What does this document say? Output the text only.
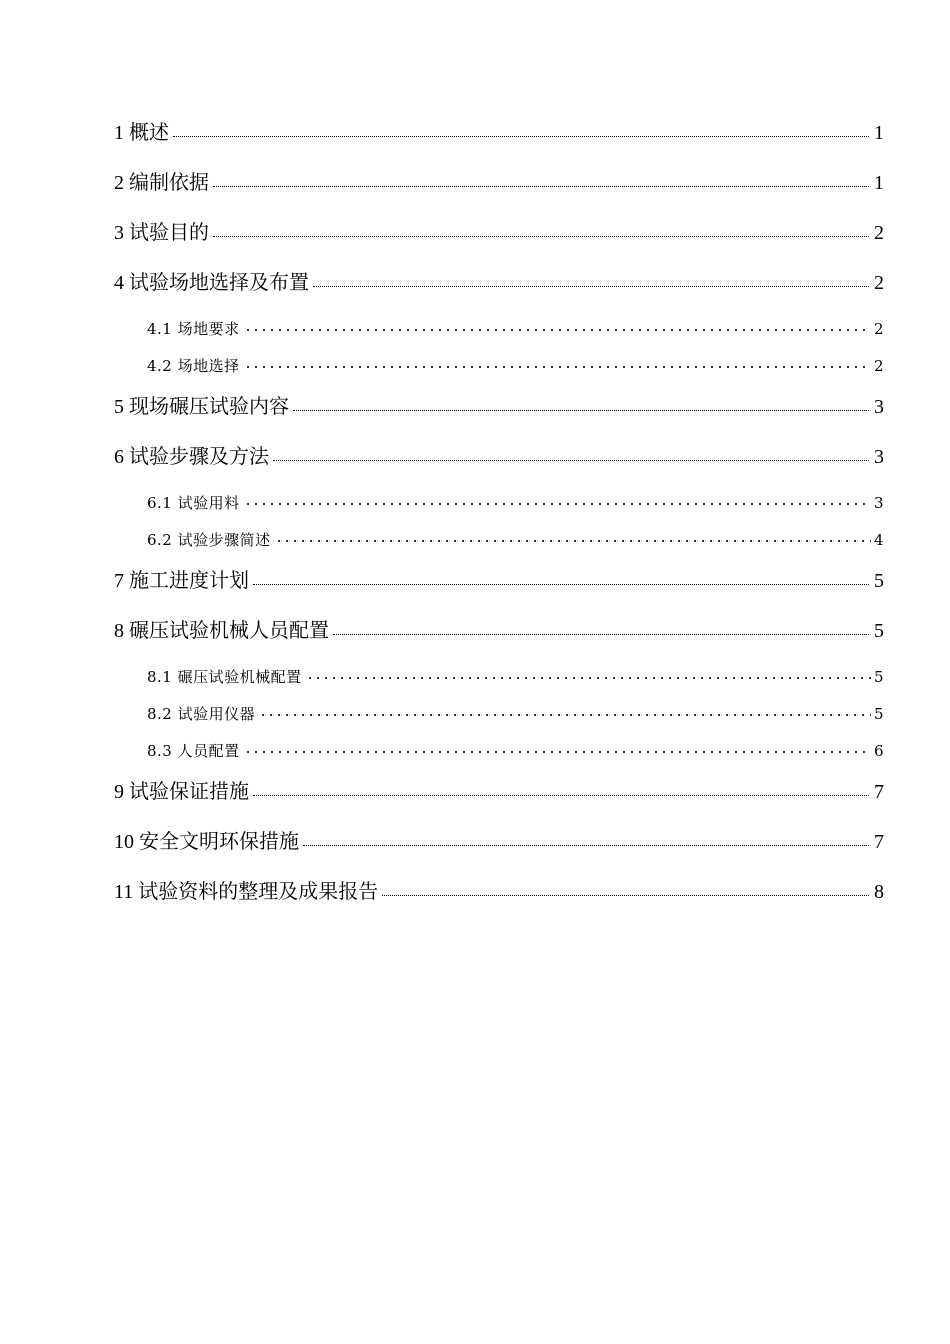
1 概述	1
2 编制依据	1
3 试验目的	2
4 试验场地选择及布置	2
4.1 场地要求	2
4.2 场地选择	2
5 现场碾压试验内容	3
6 试验步骤及方法	3
6.1 试验用料	3
6.2 试验步骤简述	4
7 施工进度计划	5
8 碾压试验机械人员配置	5
8.1 碾压试验机械配置	5
8.2 试验用仪器	5
8.3 人员配置	6
9 试验保证措施	7
10 安全文明环保措施	7
11 试验资料的整理及成果报告	8
